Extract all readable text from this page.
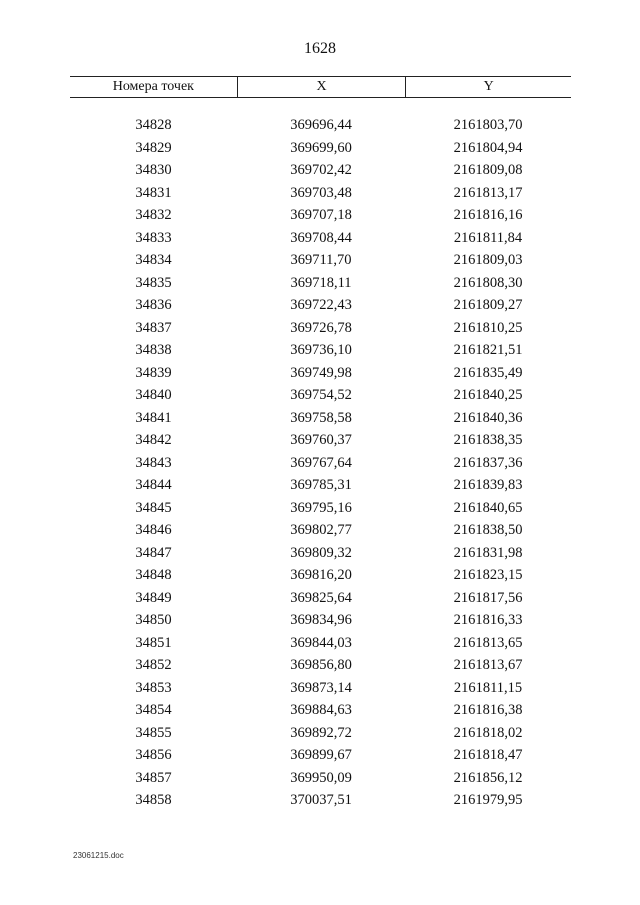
1628
Номера точек	X	Y
34828	369696,44	2161803,70
34829	369699,60	2161804,94
34830	369702,42	2161809,08
34831	369703,48	2161813,17
34832	369707,18	2161816,16
34833	369708,44	2161811,84
34834	369711,70	2161809,03
34835	369718,11	2161808,30
34836	369722,43	2161809,27
34837	369726,78	2161810,25
34838	369736,10	2161821,51
34839	369749,98	2161835,49
34840	369754,52	2161840,25
34841	369758,58	2161840,36
34842	369760,37	2161838,35
34843	369767,64	2161837,36
34844	369785,31	2161839,83
34845	369795,16	2161840,65
34846	369802,77	2161838,50
34847	369809,32	2161831,98
34848	369816,20	2161823,15
34849	369825,64	2161817,56
34850	369834,96	2161816,33
34851	369844,03	2161813,65
34852	369856,80	2161813,67
34853	369873,14	2161811,15
34854	369884,63	2161816,38
34855	369892,72	2161818,02
34856	369899,67	2161818,47
34857	369950,09	2161856,12
34858	370037,51	2161979,95
23061215.doc
